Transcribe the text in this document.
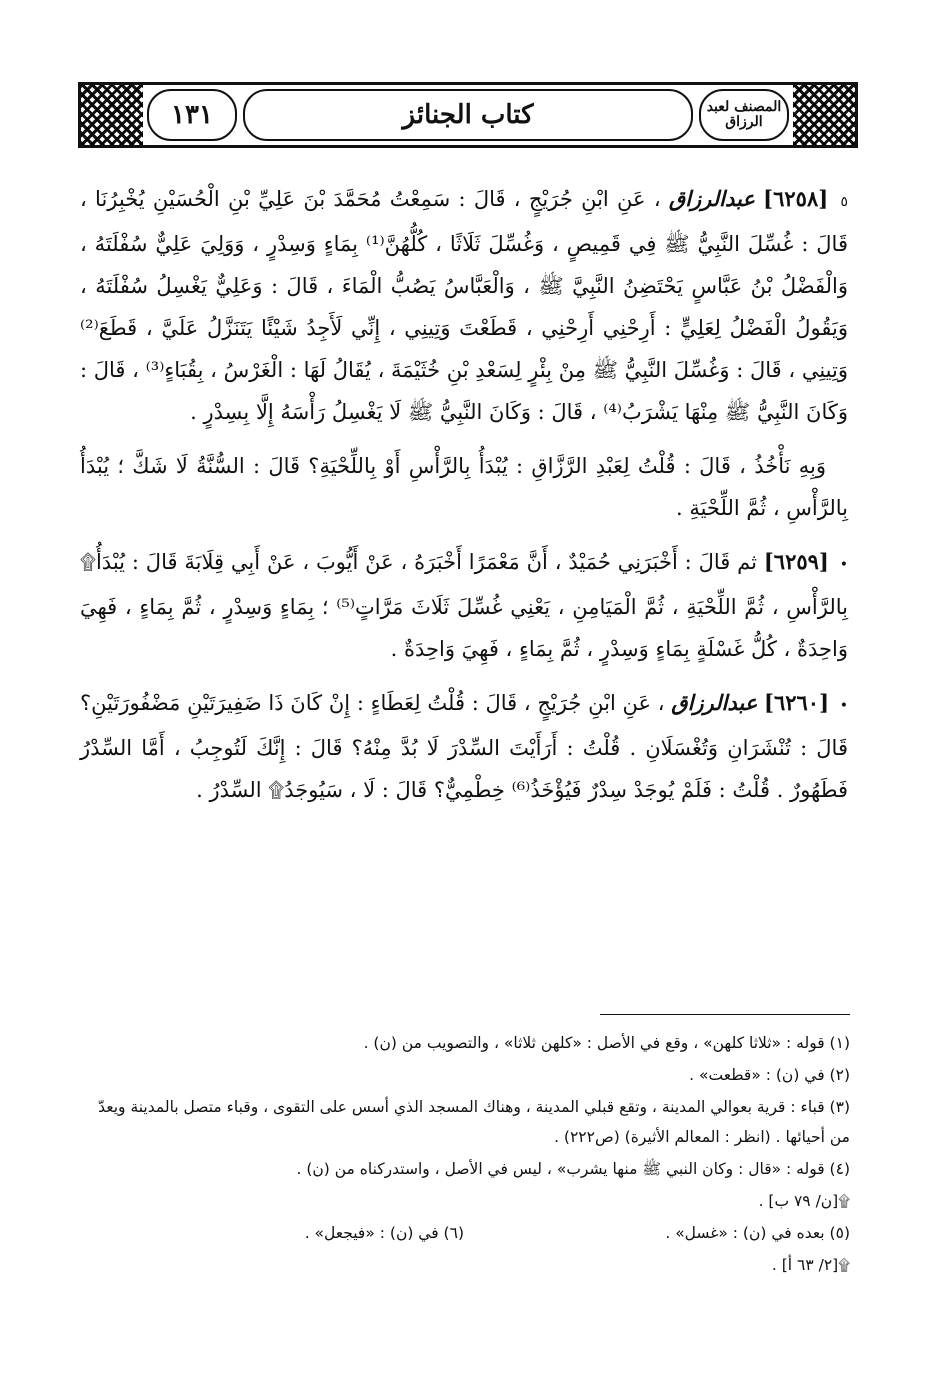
١٣١	كتاب الجنائز	المصنف لعبد الرزاق

٥ [٦٢٥٨] عبدالرزاق ، عَنِ ابْنِ جُرَيْجٍ ، قَالَ : سَمِعْتُ مُحَمَّدَ بْنَ عَلِيِّ بْنِ الْحُسَيْنِ يُخْبِرُنَا ، قَالَ : غُسِّلَ النَّبِيُّ ﷺ فِي قَمِيصٍ ، وَغُسِّلَ ثَلَاثًا ، كُلُّهُنَّ⁽¹⁾ بِمَاءٍ وَسِدْرٍ ، وَوَلِيَ عَلِيٌّ سُفْلَتَهُ ، وَالْفَضْلُ بْنُ عَبَّاسٍ يَحْتَضِنُ النَّبِيَّ ﷺ ، وَالْعَبَّاسُ يَصُبُّ الْمَاءَ ، قَالَ : وَعَلِيٌّ يَغْسِلُ سُفْلَتَهُ ، وَيَقُولُ الْفَضْلُ لِعَلِيٍّ : أَرِحْنِي أَرِحْنِي ، قَطَعْتَ وَتِينِي ، إِنِّي لَأَجِدُ شَيْئًا يَتَنَزَّلُ عَلَيَّ ، قَطَعَ⁽²⁾ وَتِينِي ، قَالَ : وَغُسِّلَ النَّبِيُّ ﷺ مِنْ بِئْرٍ لِسَعْدِ بْنِ خُثَيْمَةَ ، يُقَالُ لَهَا : الْغَرْسُ ، بِقُبَاءٍ⁽³⁾ ، قَالَ : وَكَانَ النَّبِيُّ ﷺ مِنْهَا يَشْرَبُ⁽⁴⁾ ، قَالَ : وَكَانَ النَّبِيُّ ﷺ لَا يَغْسِلُ رَأْسَهُ إِلَّا بِسِدْرٍ .

وَبِهِ نَأْخُذُ ، قَالَ : قُلْتُ لِعَبْدِ الرَّزَّاقِ : يُبْدَأُ بِالرَّأْسِ أَوْ بِاللِّحْيَةِ؟ قَالَ : السُّنَّةُ لَا شَكَّ ؛ يُبْدَأُ بِالرَّأْسِ ، ثُمَّ اللِّحْيَةِ .

• [٦٢٥٩] ثم قَالَ : أَخْبَرَنِي حُمَيْدٌ ، أَنَّ مَعْمَرًا أَخْبَرَهُ ، عَنْ أَيُّوبَ ، عَنْ أَبِي قِلَابَةَ قَالَ : يُبْدَأُ۩ بِالرَّأْسِ ، ثُمَّ اللِّحْيَةِ ، ثُمَّ الْمَيَامِنِ ، يَعْنِي غُسِّلَ ثَلَاثَ مَرَّاتٍ⁽⁵⁾ ؛ بِمَاءٍ وَسِدْرٍ ، ثُمَّ بِمَاءٍ ، فَهِيَ وَاحِدَةٌ ، كُلُّ غَسْلَةٍ بِمَاءٍ وَسِدْرٍ ، ثُمَّ بِمَاءٍ ، فَهِيَ وَاحِدَةٌ .

• [٦٢٦٠] عبدالرزاق ، عَنِ ابْنِ جُرَيْجٍ ، قَالَ : قُلْتُ لِعَطَاءٍ : إِنْ كَانَ ذَا ضَفِيرَتَيْنِ مَضْفُورَتَيْنِ؟ قَالَ : تُنْشَرَانِ وَتُغْسَلَانِ . قُلْتُ : أَرَأَيْتَ السِّدْرَ لَا بُدَّ مِنْهُ؟ قَالَ : إِنَّكَ لَتُوجِبُ ، أَمَّا السِّدْرُ فَطَهُورٌ . قُلْتُ : فَلَمْ يُوجَدْ سِدْرٌ فَيُؤْخَذُ⁽⁶⁾ خِطْمِيٌّ؟ قَالَ : لَا ، سَيُوجَدُ۩ السِّدْرُ .

(١) قوله : «ثلاثا كلهن» ، وقع في الأصل : «كلهن ثلاثا» ، والتصويب من (ن) .

(٢) في (ن) : «قطعت» .

(٣) قباء : قرية بعوالي المدينة ، وتقع قبلي المدينة ، وهناك المسجد الذي أسس على التقوى ، وقباء متصل بالمدينة ويعدّ من أحيائها . (انظر : المعالم الأثيرة) (ص٢٢٢) .

(٤) قوله : «قال : وكان النبي ﷺ منها يشرب» ، ليس في الأصل ، واستدركناه من (ن) .

۩[ن/ ٧٩ ب] .

(٥) بعده في (ن) : «غسل» .

(٦) في (ن) : «فيجعل» .

۩[٢/ ٦٣ أ] .
